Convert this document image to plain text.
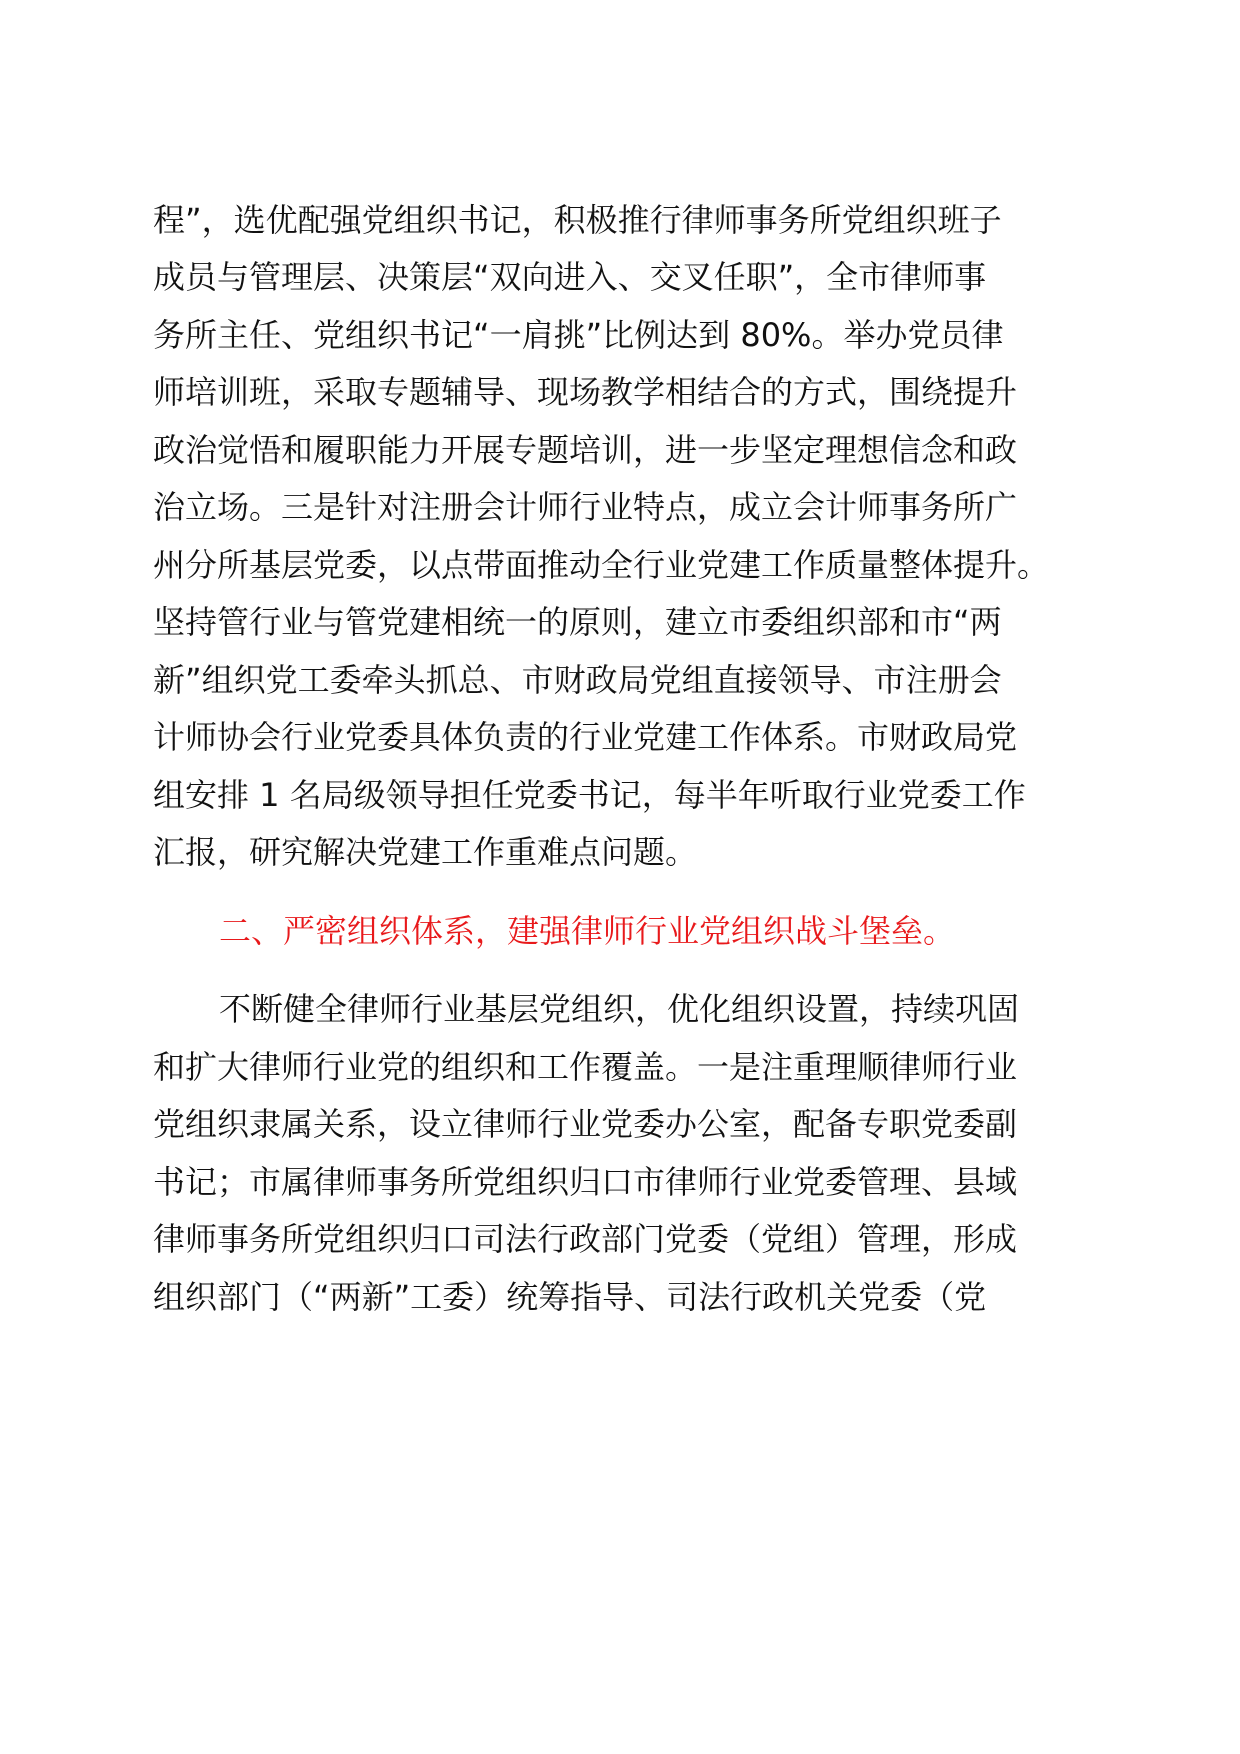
程”，选优配强党组织书记，积极推行律师事务所党组织班子
成员与管理层、决策层“双向进入、交叉任职”，全市律师事
务所主任、党组织书记“一肩挑”比例达到 80%。举办党员律
师培训班，采取专题辅导、现场教学相结合的方式，围绕提升
政治觉悟和履职能力开展专题培训，进一步坚定理想信念和政
治立场。三是针对注册会计师行业特点，成立会计师事务所广
州分所基层党委，以点带面推动全行业党建工作质量整体提升。
坚持管行业与管党建相统一的原则，建立市委组织部和市“两
新”组织党工委牵头抓总、市财政局党组直接领导、市注册会
计师协会行业党委具体负责的行业党建工作体系。市财政局党
组安排 1 名局级领导担任党委书记，每半年听取行业党委工作
汇报，研究解决党建工作重难点问题。
二、严密组织体系，建强律师行业党组织战斗堡垒。
不断健全律师行业基层党组织，优化组织设置，持续巩固
和扩大律师行业党的组织和工作覆盖。一是注重理顺律师行业
党组织隶属关系，设立律师行业党委办公室，配备专职党委副
书记；市属律师事务所党组织归口市律师行业党委管理、县域
律师事务所党组织归口司法行政部门党委（党组）管理，形成
组织部门（“两新”工委）统筹指导、司法行政机关党委（党
